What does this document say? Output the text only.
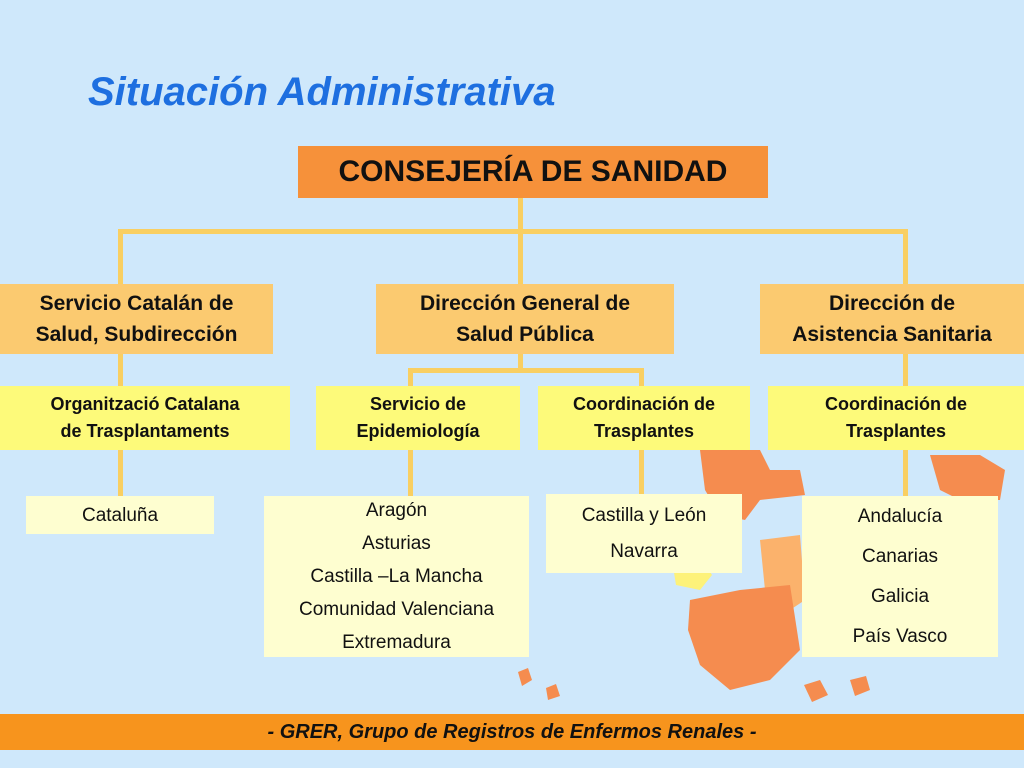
Situación Administrativa
CONSEJERÍA DE SANIDAD
Servicio Catalán de
Salud, Subdirección
Dirección General de
Salud Pública
Dirección de
Asistencia Sanitaria
Organització Catalana
de Trasplantaments
Servicio de
Epidemiología
Coordinación de
Trasplantes
Coordinación de
Trasplantes
Cataluña	Aragón
Asturias
Castilla –La Mancha
Comunidad Valenciana
Extremadura
Castilla y León
Navarra
Andalucía
Canarias
Galicia
País Vasco
- GRER, Grupo de Registros de Enfermos Renales -
